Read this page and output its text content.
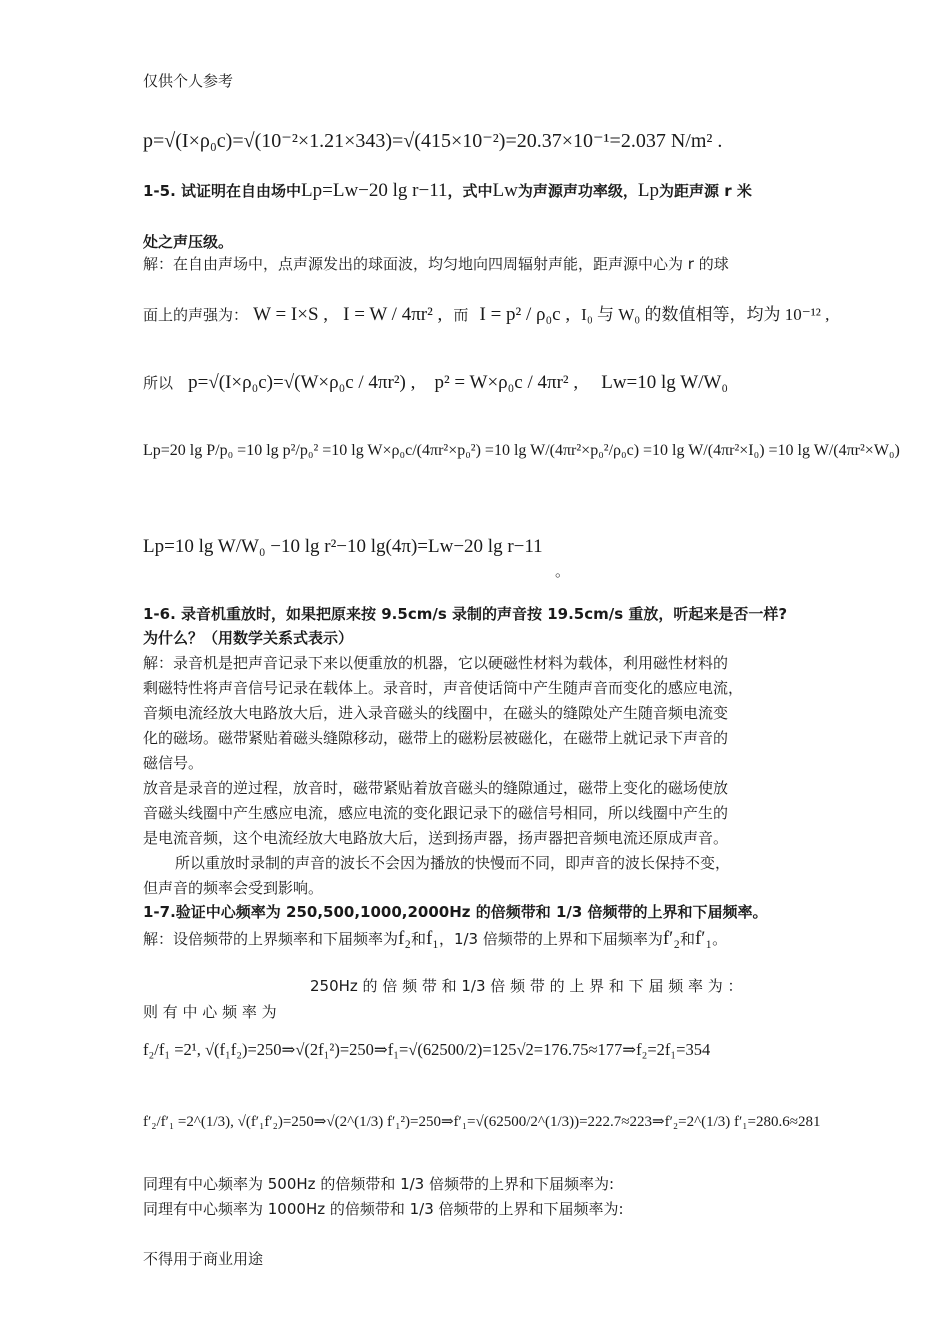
仅供个人参考
p=√(I×ρ₀c)=√(10⁻²×1.21×343)=√(415×10⁻²)=20.37×10⁻¹=2.037 N/m² .
1-5. 试证明在自由场中Lp=Lw−20 lg r−11，式中Lw为声源声功率级，Lp为距声源 r 米
处之声压级。
解：在自由声场中，点声源发出的球面波，均匀地向四周辐射声能，距声源中心为 r 的球
面上的声强为： W = I×S , I = W / 4πr² , 而 I = p² / ρ₀c , I₀ 与 W₀ 的数值相等，均为 10⁻¹² ,
所以 p=√(I×ρ₀c)=√(W×ρ₀c / 4πr²) , p² = W×ρ₀c / 4πr² , Lw=10 lg W/W₀
Lp=20 lg P/p₀ =10 lg p²/p₀² =10 lg W×ρ₀c/(4πr²×p₀²) =10 lg W/(4πr²×p₀²/ρ₀c) =10 lg W/(4πr²×I₀) =10 lg W/(4πr²×W₀)
Lp=10 lg W/W₀ −10 lg r²−10 lg(4π)=Lw−20 lg r−11
。
1-6. 录音机重放时，如果把原来按 9.5cm/s 录制的声音按 19.5cm/s 重放，听起来是否一样?
为什么？（用数学关系式表示）
解：录音机是把声音记录下来以便重放的机器，它以硬磁性材料为载体，利用磁性材料的
剩磁特性将声音信号记录在载体上。录音时，声音使话筒中产生随声音而变化的感应电流，
音频电流经放大电路放大后，进入录音磁头的线圈中，在磁头的缝隙处产生随音频电流变
化的磁场。磁带紧贴着磁头缝隙移动，磁带上的磁粉层被磁化，在磁带上就记录下声音的
磁信号。
放音是录音的逆过程，放音时，磁带紧贴着放音磁头的缝隙通过，磁带上变化的磁场使放
音磁头线圈中产生感应电流，感应电流的变化跟记录下的磁信号相同，所以线圈中产生的
是电流音频，这个电流经放大电路放大后，送到扬声器，扬声器把音频电流还原成声音。
所以重放时录制的声音的波长不会因为播放的快慢而不同，即声音的波长保持不变，
但声音的频率会受到影响。
1-7.验证中心频率为 250,500,1000,2000Hz 的倍频带和 1/3 倍频带的上界和下届频率。
解：设倍频带的上界频率和下届频率为f₂和f₁，1/3 倍频带的上界和下届频率为f′₂和f′₁。
250Hz 的 倍 频 带 和 1/3 倍 频 带 的 上 界 和 下 届 频 率 为 ：
则 有 中 心 频 率 为
f₂/f₁ =2¹, √(f₁f₂)=250⇒√(2f₁²)=250⇒f₁=√(62500/2)=125√2=176.75≈177⇒f₂=2f₁=354
f′₂/f′₁ =2^(1/3), √(f′₁f′₂)=250⇒√(2^(1/3) f′₁²)=250⇒f′₁=√(62500/2^(1/3))=222.7≈223⇒f′₂=2^(1/3) f′₁=280.6≈281
同理有中心频率为 500Hz 的倍频带和 1/3 倍频带的上界和下届频率为:
同理有中心频率为 1000Hz 的倍频带和 1/3 倍频带的上界和下届频率为:
不得用于商业用途
